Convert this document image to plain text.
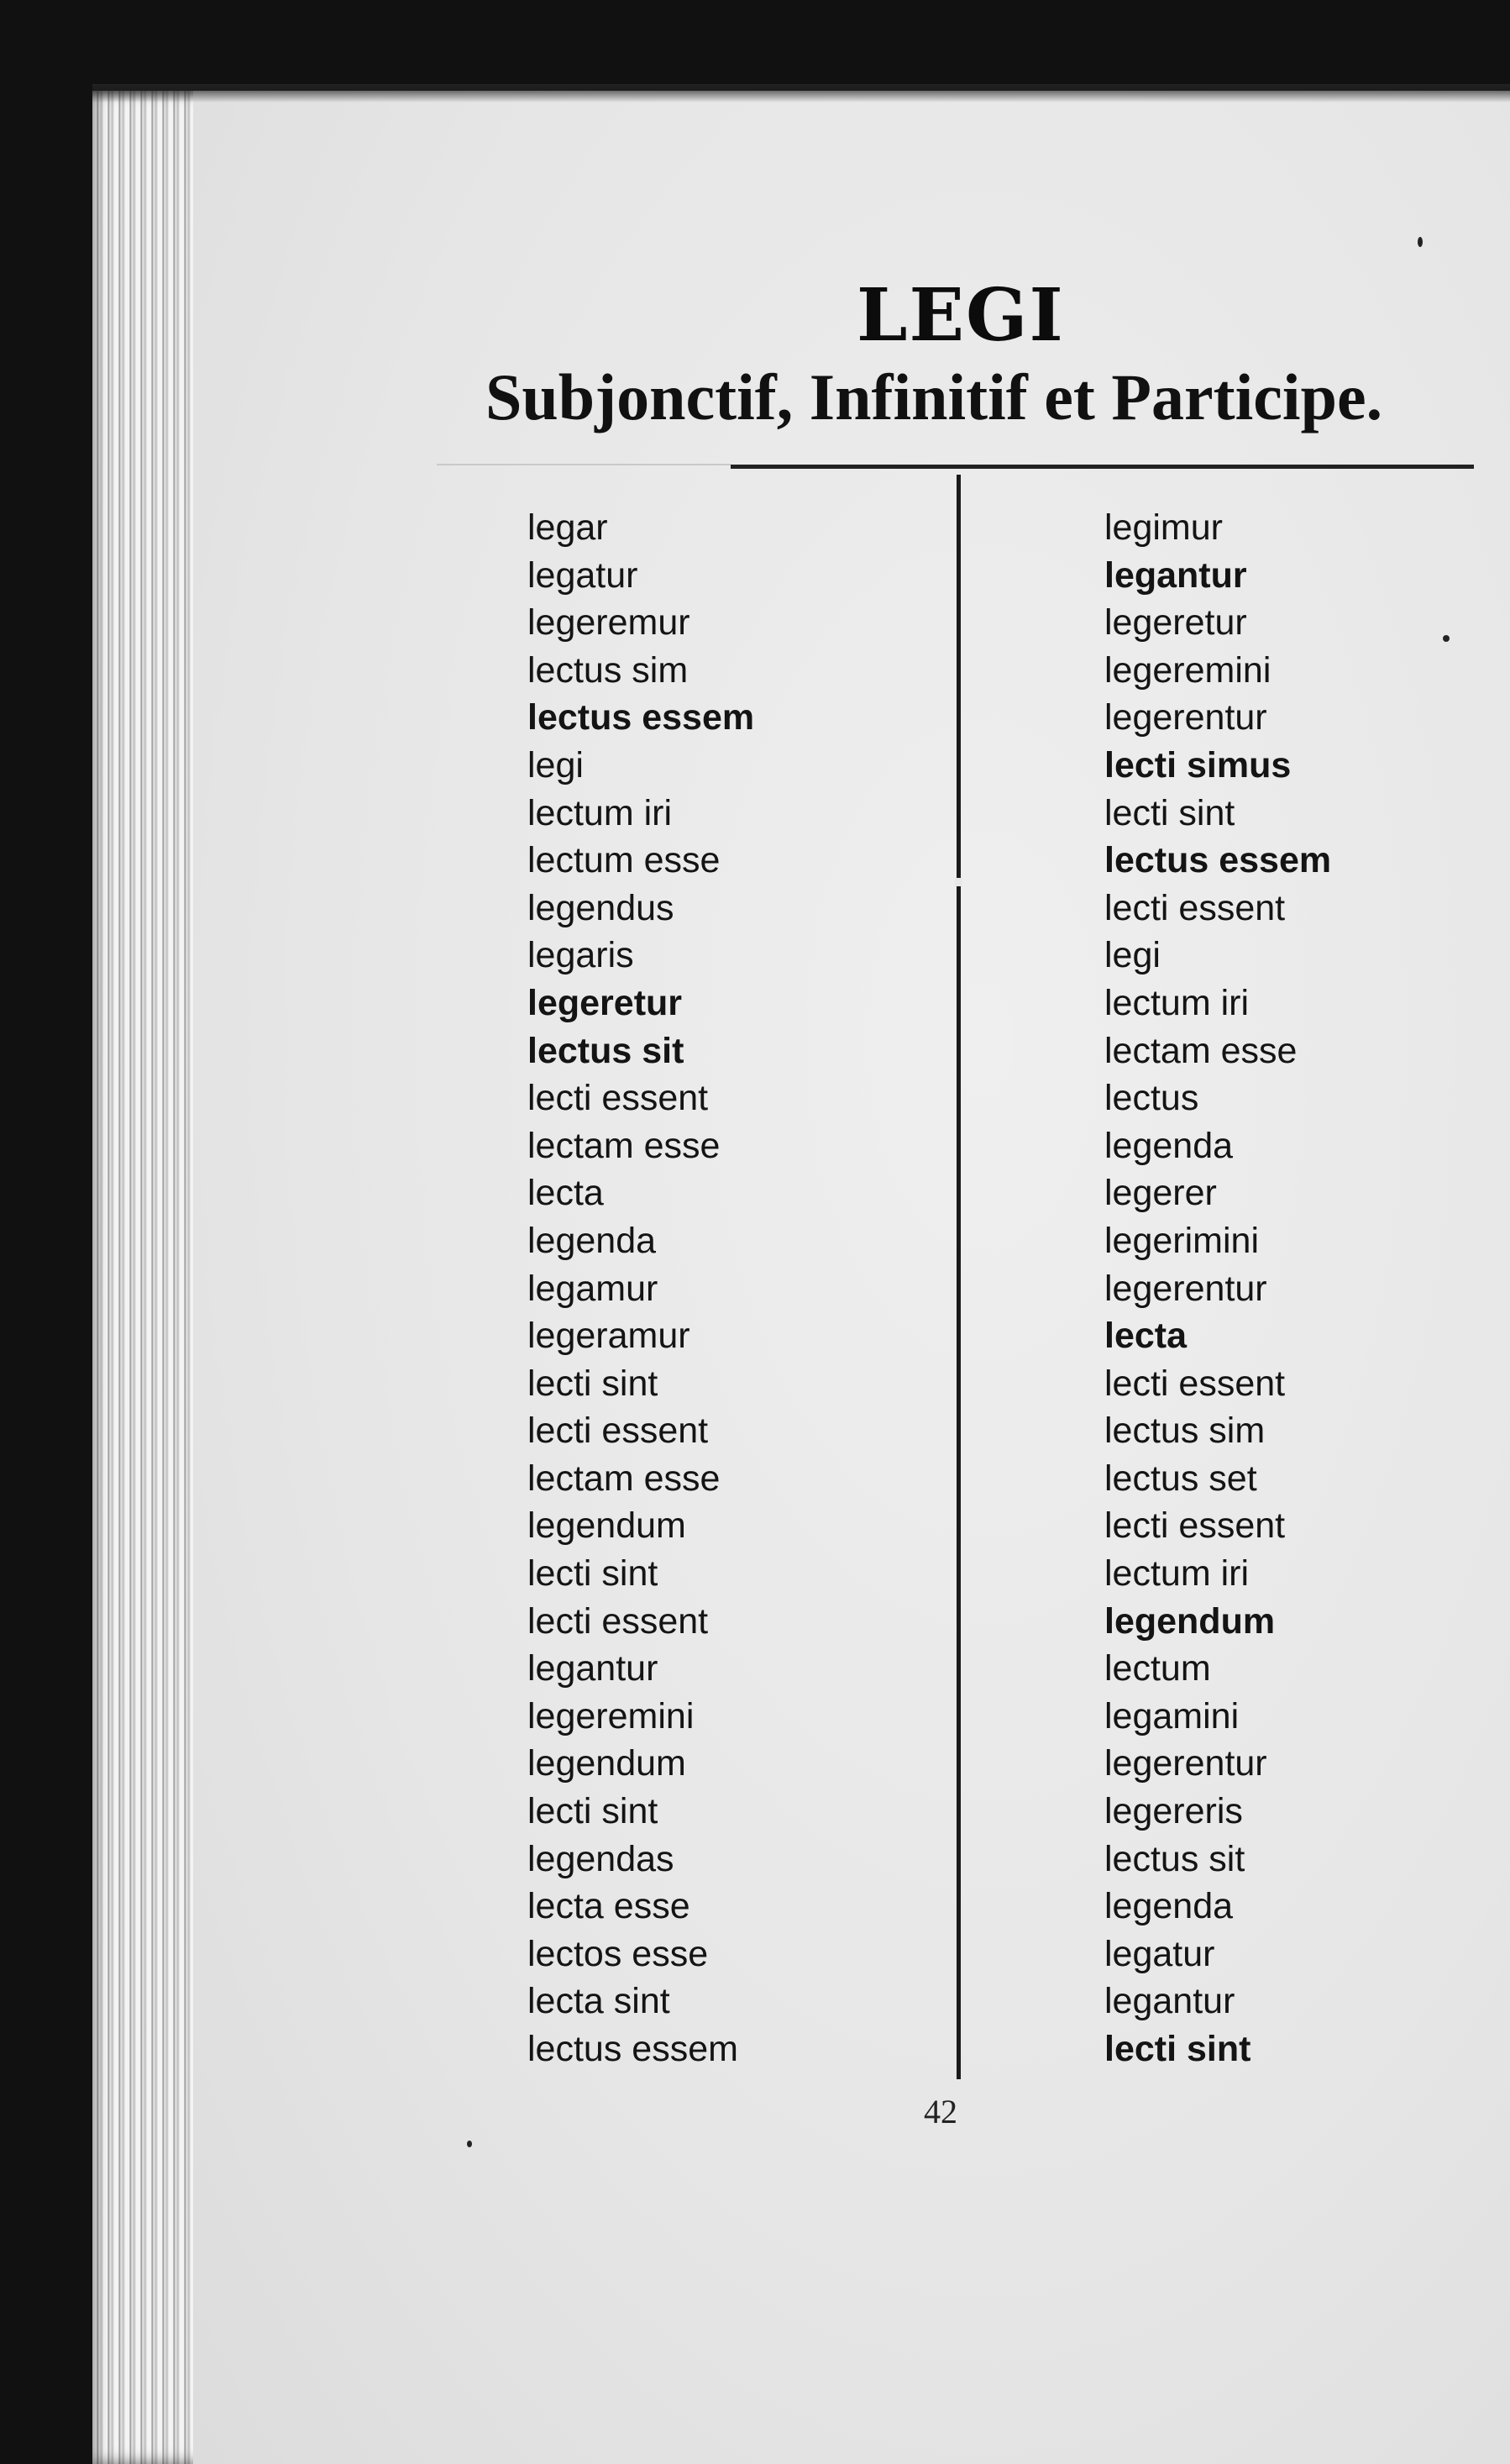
LEGI
Subjonctif, Infinitif et Participe.
legar
legatur
legeremur
lectus sim
lectus essem
legi
lectum iri
lectum esse
legendus
legaris
legeretur
lectus sit
lecti essent
lectam esse
lecta
legenda
legamur
legeramur
lecti sint
lecti essent
lectam esse
legendum
lecti sint
lecti essent
legantur
legeremini
legendum
lecti sint
legendas
lecta esse
lectos esse
lecta sint
lectus essem
legimur
legantur
legeretur
legeremini
legerentur
lecti simus
lecti sint
lectus essem
lecti essent
legi
lectum iri
lectam esse
lectus
legenda
legerer
legerimini
legerentur
lecta
lecti essent
lectus sim
lectus set
lecti essent
lectum iri
legendum
lectum
legamini
legerentur
legereris
lectus sit
legenda
legatur
legantur
lecti sint

42
